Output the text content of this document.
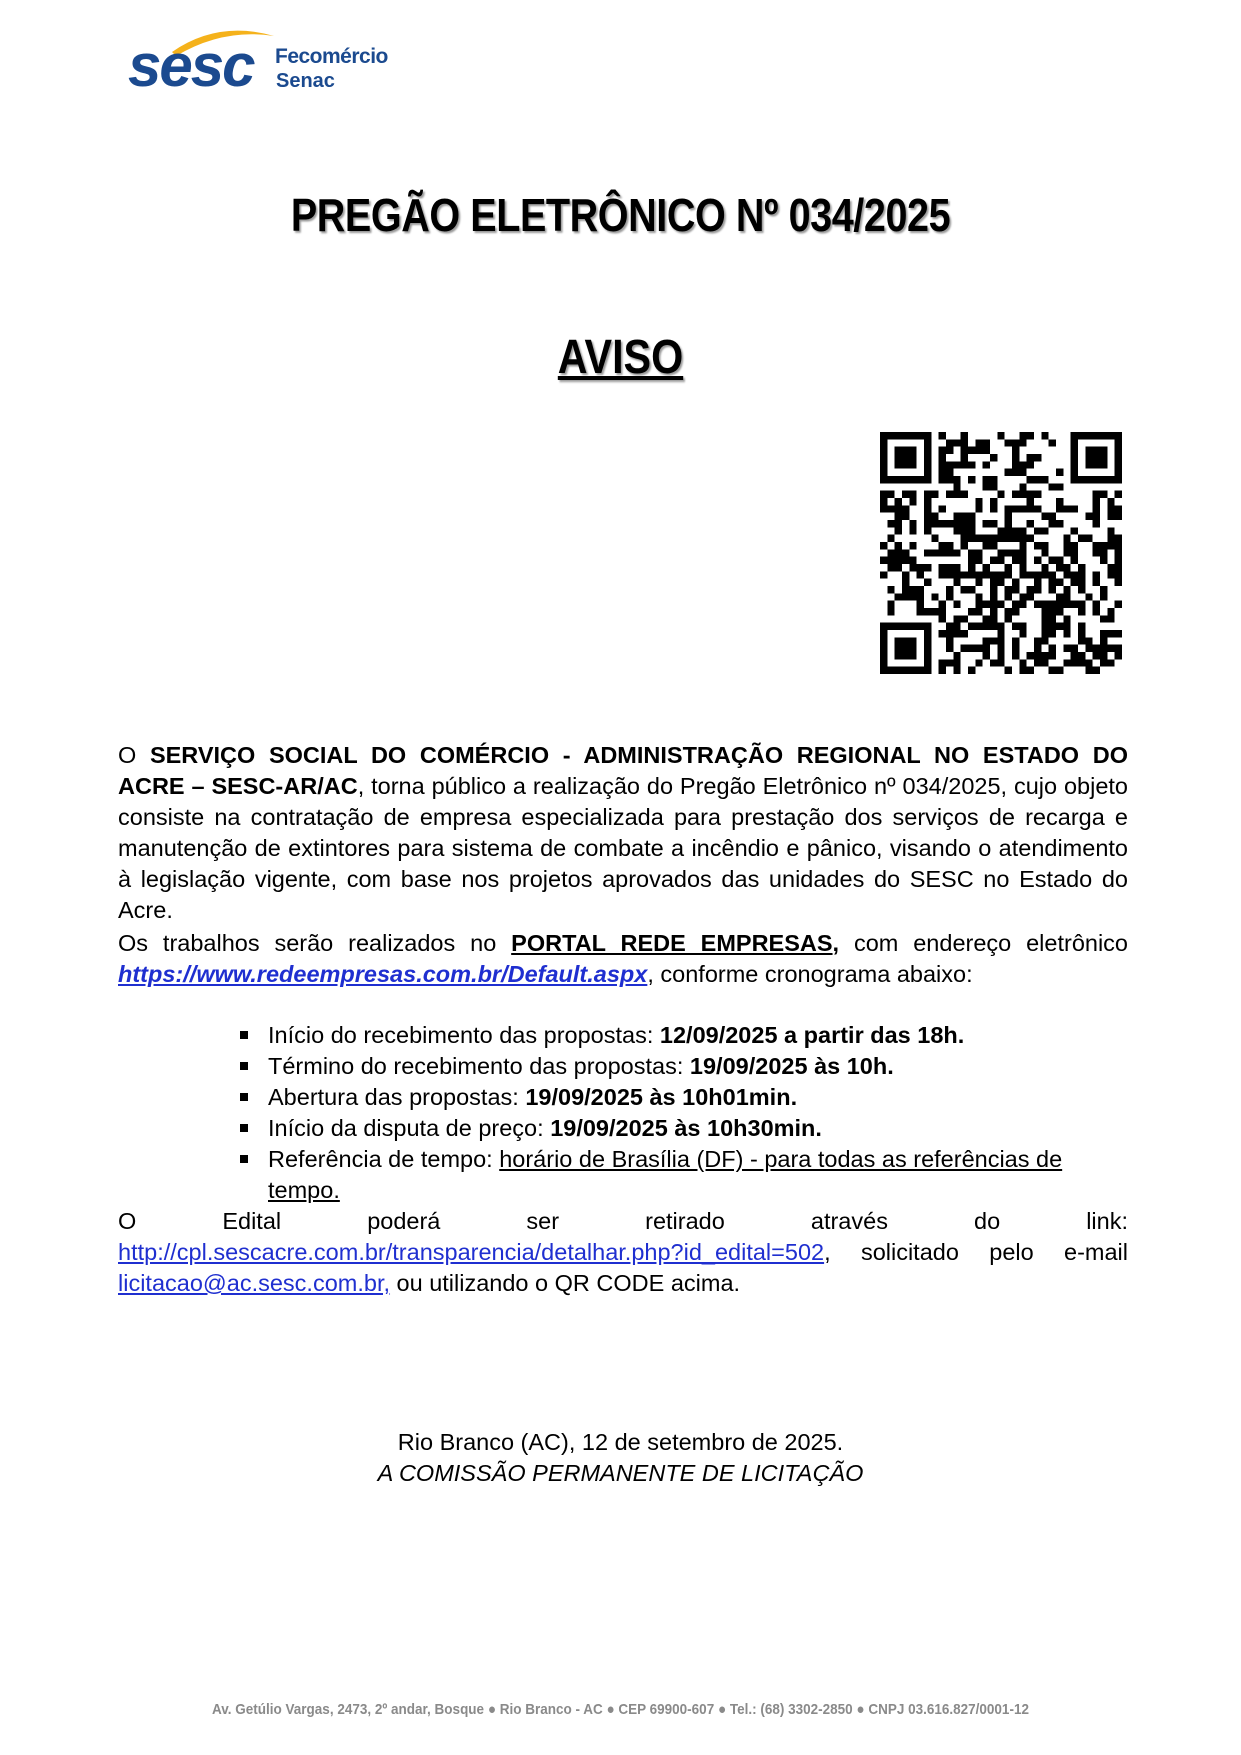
sesc Fecomércio
Senac
PREGÃO ELETRÔNICO Nº 034/2025
AVISO

O SERVIÇO SOCIAL DO COMÉRCIO - ADMINISTRAÇÃO REGIONAL NO ESTADO DO ACRE – SESC-AR/AC, torna público a realização do Pregão Eletrônico nº 034/2025, cujo objeto consiste na contratação de empresa especializada para prestação dos serviços de recarga e manutenção de extintores para sistema de combate a incêndio e pânico, visando o atendimento à legislação vigente, com base nos projetos aprovados das unidades do SESC no Estado do Acre.

Os trabalhos serão realizados no PORTAL REDE EMPRESAS, com endereço eletrônico https://www.redeempresas.com.br/Default.aspx, conforme cronograma abaixo:

Início do recebimento das propostas: 12/09/2025 a partir das 18h.
Término do recebimento das propostas: 19/09/2025 às 10h.
Abertura das propostas: 19/09/2025 às 10h01min.
Início da disputa de preço: 19/09/2025 às 10h30min.
Referência de tempo: horário de Brasília (DF) - para todas as referências de tempo.

O Edital poderá ser retirado através do link: http://cpl.sescacre.com.br/transparencia/detalhar.php?id_edital=502, solicitado pelo e-mail licitacao@ac.sesc.com.br, ou utilizando o QR CODE acima.

Rio Branco (AC), 12 de setembro de 2025.
A COMISSÃO PERMANENTE DE LICITAÇÃO
Av. Getúlio Vargas, 2473, 2º andar, Bosque ● Rio Branco - AC ● CEP 69900-607 ● Tel.: (68) 3302-2850 ● CNPJ 03.616.827/0001-12
